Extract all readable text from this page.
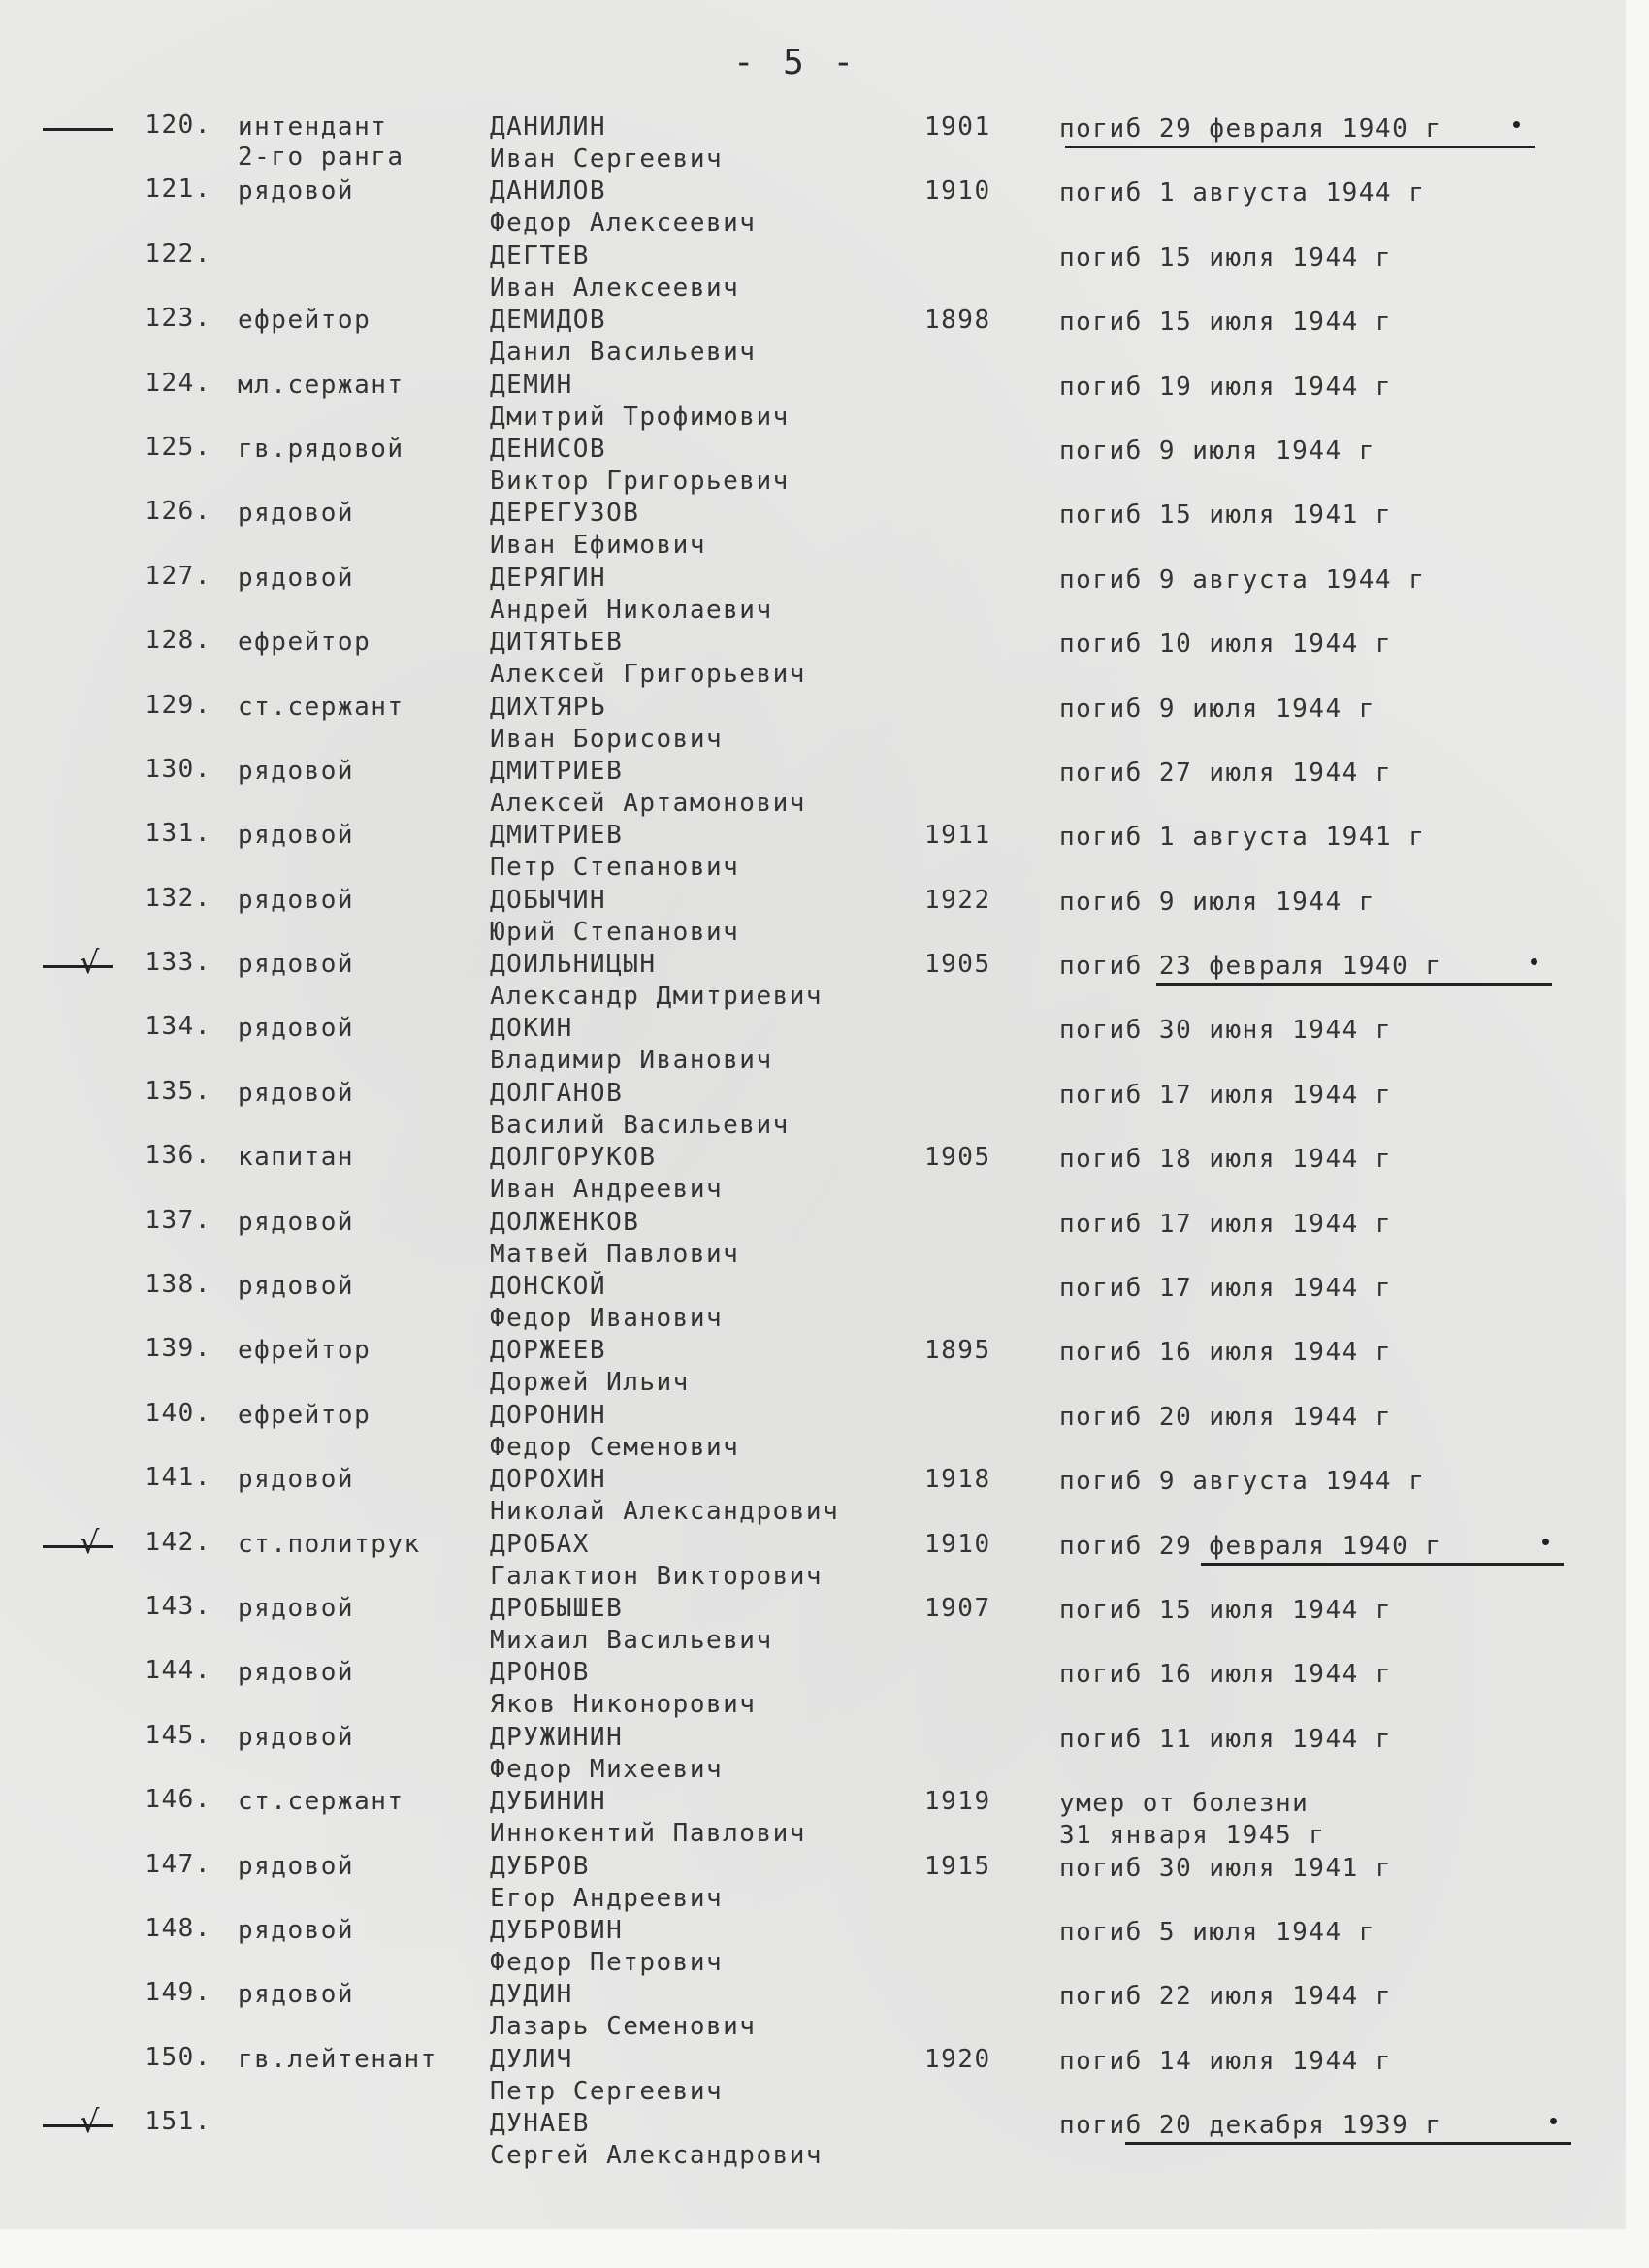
- 5 -
120. интендант
2-го ранга
ДАНИЛИН
Иван Сергеевич
1901	погиб 29 февраля 1940 г
121. рядовой	ДАНИЛОВ
Федор Алексеевич
1910	погиб 1 августа 1944 г
122.	ДЕГТЕВ
Иван Алексеевич
погиб 15 июля 1944 г
123. ефрейтор	ДЕМИДОВ
Данил Васильевич
1898	погиб 15 июля 1944 г
124. мл.сержант	ДЕМИН
Дмитрий Трофимович
погиб 19 июля 1944 г
125. гв.рядовой	ДЕНИСОВ
Виктор Григорьевич
погиб 9 июля 1944 г
126. рядовой	ДЕРЕГУЗОВ
Иван Ефимович
погиб 15 июля 1941 г
127. рядовой	ДЕРЯГИН
Андрей Николаевич
погиб 9 августа 1944 г
128. ефрейтор	ДИТЯТЬЕВ
Алексей Григорьевич
погиб 10 июля 1944 г
129. ст.сержант	ДИХТЯРЬ
Иван Борисович
погиб 9 июля 1944 г
130. рядовой	ДМИТРИЕВ
Алексей Артамонович
погиб 27 июля 1944 г
131. рядовой	ДМИТРИЕВ
Петр Степанович
1911	погиб 1 августа 1941 г
132. рядовой	ДОБЫЧИН
Юрий Степанович
1922	погиб 9 июля 1944 г
133. рядовой	ДОИЛЬНИЦЫН
Александр Дмитриевич
1905	погиб 23 февраля 1940 г
√
134. рядовой	ДОКИН
Владимир Иванович
погиб 30 июня 1944 г
135. рядовой	ДОЛГАНОВ
Василий Васильевич
погиб 17 июля 1944 г
136. капитан	ДОЛГОРУКОВ
Иван Андреевич
1905	погиб 18 июля 1944 г
137. рядовой	ДОЛЖЕНКОВ
Матвей Павлович
погиб 17 июля 1944 г
138. рядовой	ДОНСКОЙ
Федор Иванович
погиб 17 июля 1944 г
139. ефрейтор	ДОРЖЕЕВ
Доржей Ильич
1895	погиб 16 июля 1944 г
140. ефрейтор	ДОРОНИН
Федор Семенович
погиб 20 июля 1944 г
141. рядовой	ДОРОХИН
Николай Александрович
1918	погиб 9 августа 1944 г
142. ст.политрук	ДРОБАХ
Галактион Викторович
1910	погиб 29 февраля 1940 г
√
143. рядовой	ДРОБЫШЕВ
Михаил Васильевич
1907	погиб 15 июля 1944 г
144. рядовой	ДРОНОВ
Яков Никонорович
погиб 16 июля 1944 г
145. рядовой	ДРУЖИНИН
Федор Михеевич
погиб 11 июля 1944 г
146. ст.сержант	ДУБИНИН
Иннокентий Павлович
1919	умер от болезни
31 января 1945 г
147. рядовой	ДУБРОВ
Егор Андреевич
1915	погиб 30 июля 1941 г
148. рядовой	ДУБРОВИН
Федор Петрович
погиб 5 июля 1944 г
149. рядовой	ДУДИН
Лазарь Семенович
погиб 22 июля 1944 г
150. гв.лейтенант ДУЛИЧ
Петр Сергеевич
1920	погиб 14 июля 1944 г
151.	ДУНАЕВ
Сергей Александрович
погиб 20 декабря 1939 г
√
